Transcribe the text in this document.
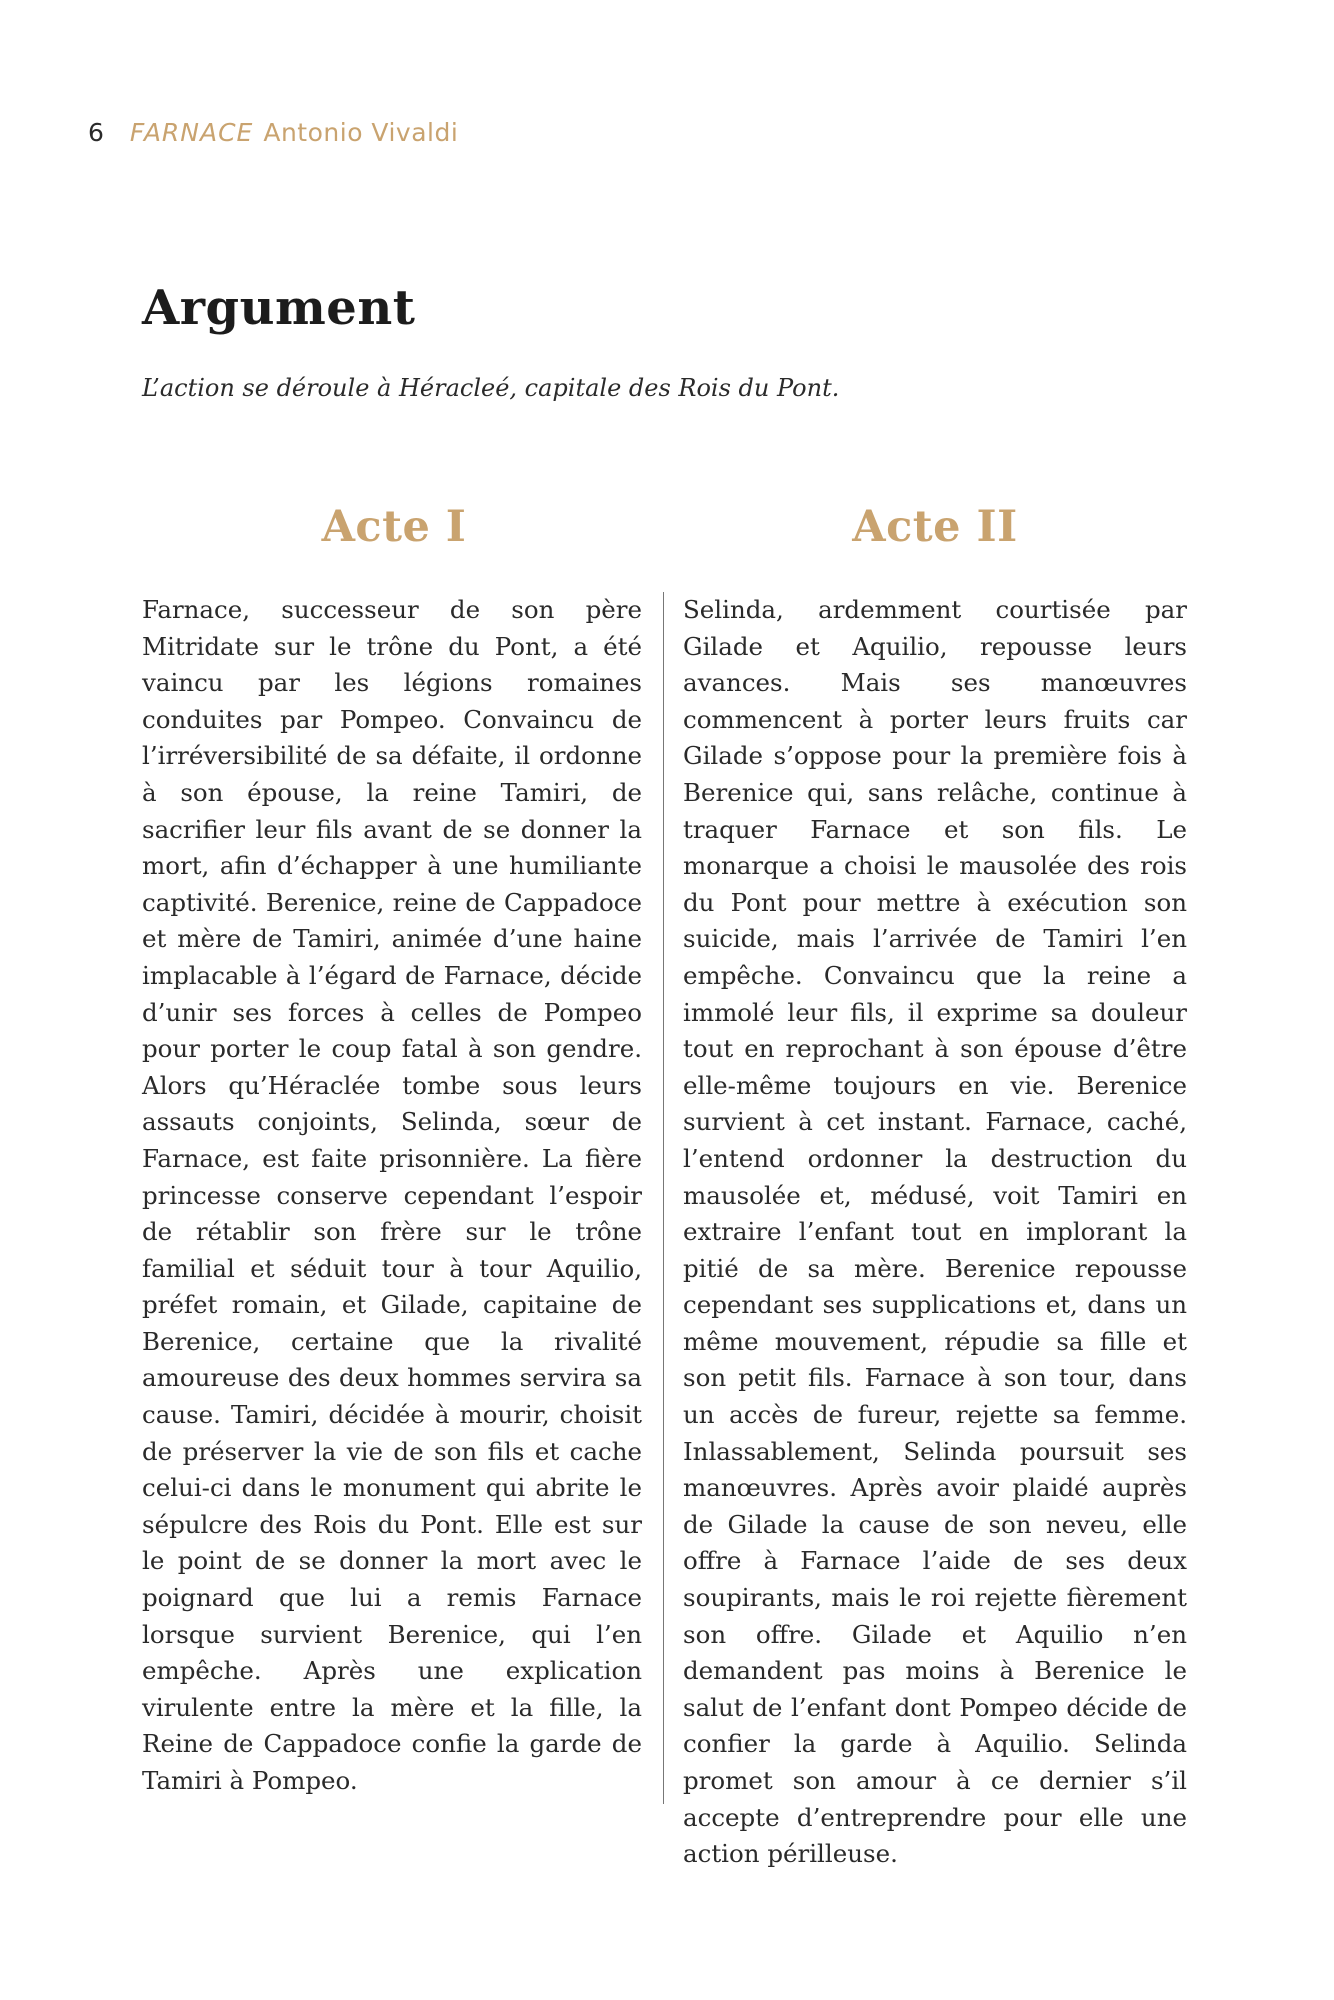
6 FARNACE Antonio Vivaldi
Argument
L’action se déroule à Héracleé, capitale des Rois du Pont.
Acte I	Acte II
Farnace, successeur de son père Mitridate sur le trône du Pont, a été vaincu par les légions romaines conduites par Pompeo. Convaincu de l’irréversibilité de sa défaite, il ordonne à son épouse, la reine Tamiri, de sacrifier leur fils avant de se donner la mort, afin d’échapper à une humiliante captivité. Berenice, reine de Cappadoce et mère de Tamiri, animée d’une haine implacable à l’égard de Farnace, décide d’unir ses forces à celles de Pompeo pour porter le coup fatal à son gendre. Alors qu’Héraclée tombe sous leurs assauts conjoints, Selinda, sœur de Farnace, est faite prisonnière. La fière princesse conserve cependant l’espoir de rétablir son frère sur le trône familial et séduit tour à tour Aquilio, préfet romain, et Gilade, capitaine de Berenice, certaine que la rivalité amoureuse des deux hommes servira sa cause. Tamiri, décidée à mourir, choisit de préserver la vie de son fils et cache celui-ci dans le monument qui abrite le sépulcre des Rois du Pont. Elle est sur le point de se donner la mort avec le poignard que lui a remis Farnace lorsque survient Berenice, qui l’en empêche. Après une explication virulente entre la mère et la fille, la Reine de Cappadoce confie la garde de Tamiri à Pompeo.
Selinda, ardemment courtisée par Gilade et Aquilio, repousse leurs avances. Mais ses manœuvres commencent à porter leurs fruits car Gilade s’oppose pour la première fois à Berenice qui, sans relâche, continue à traquer Farnace et son fils. Le monarque a choisi le mausolée des rois du Pont pour mettre à exécution son suicide, mais l’arrivée de Tamiri l’en empêche. Convaincu que la reine a immolé leur fils, il exprime sa douleur tout en reprochant à son épouse d’être elle-même toujours en vie. Berenice survient à cet instant. Farnace, caché, l’entend ordonner la destruction du mausolée et, médusé, voit Tamiri en extraire l’enfant tout en implorant la pitié de sa mère. Berenice repousse cependant ses supplications et, dans un même mouvement, répudie sa fille et son petit fils. Farnace à son tour, dans un accès de fureur, rejette sa femme. Inlassablement, Selinda poursuit ses manœuvres. Après avoir plaidé auprès de Gilade la cause de son neveu, elle offre à Farnace l’aide de ses deux soupirants, mais le roi rejette fièrement son offre. Gilade et Aquilio n’en demandent pas moins à Berenice le salut de l’enfant dont Pompeo décide de confier la garde à Aquilio. Selinda promet son amour à ce dernier s’il accepte d’entreprendre pour elle une action périlleuse.
